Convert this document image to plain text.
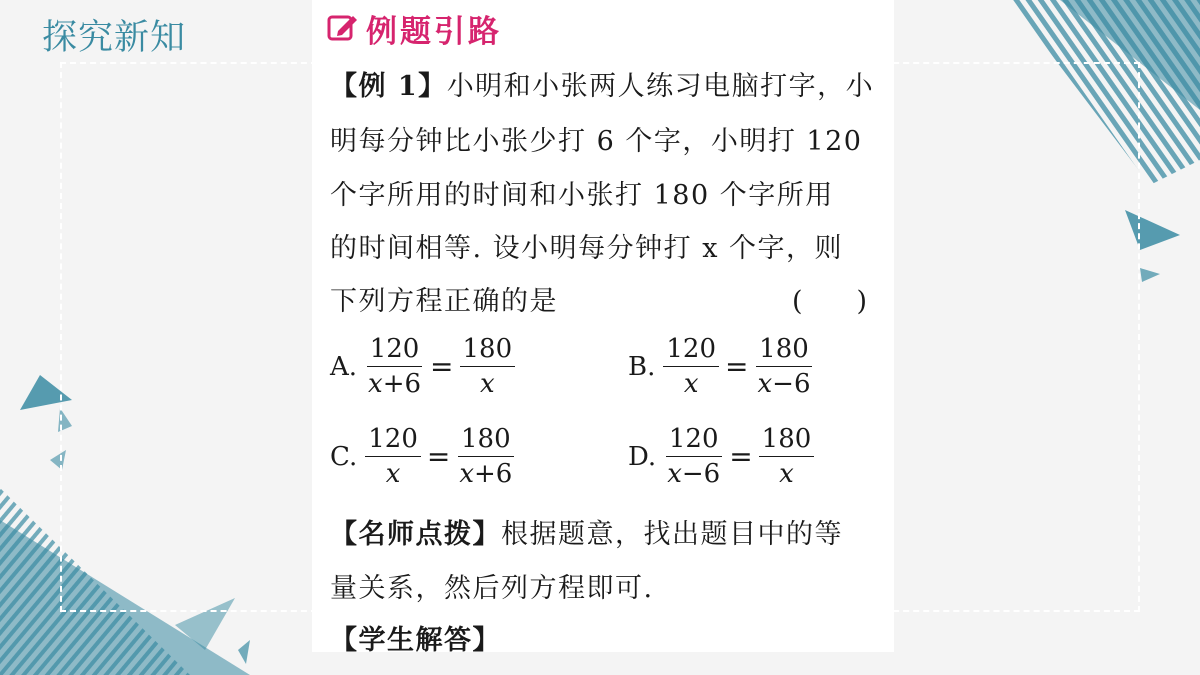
探究新知	例题引路
【例 1】小明和小张两人练习电脑打字，小
明每分钟比小张少打 6 个字，小明打 120
个字所用的时间和小张打 180 个字所用
的时间相等. 设小明每分钟打 x 个字，则
下列方程正确的是	(　　)
A. $\frac{120}{x+6} = \frac{180}{x}$	B. $\frac{120}{x} = \frac{180}{x-6}$
C. $\frac{120}{x} = \frac{180}{x+6}$	D. $\frac{120}{x-6} = \frac{180}{x}$
【名师点拨】根据题意，找出题目中的等
量关系，然后列方程即可.
【学生解答】
